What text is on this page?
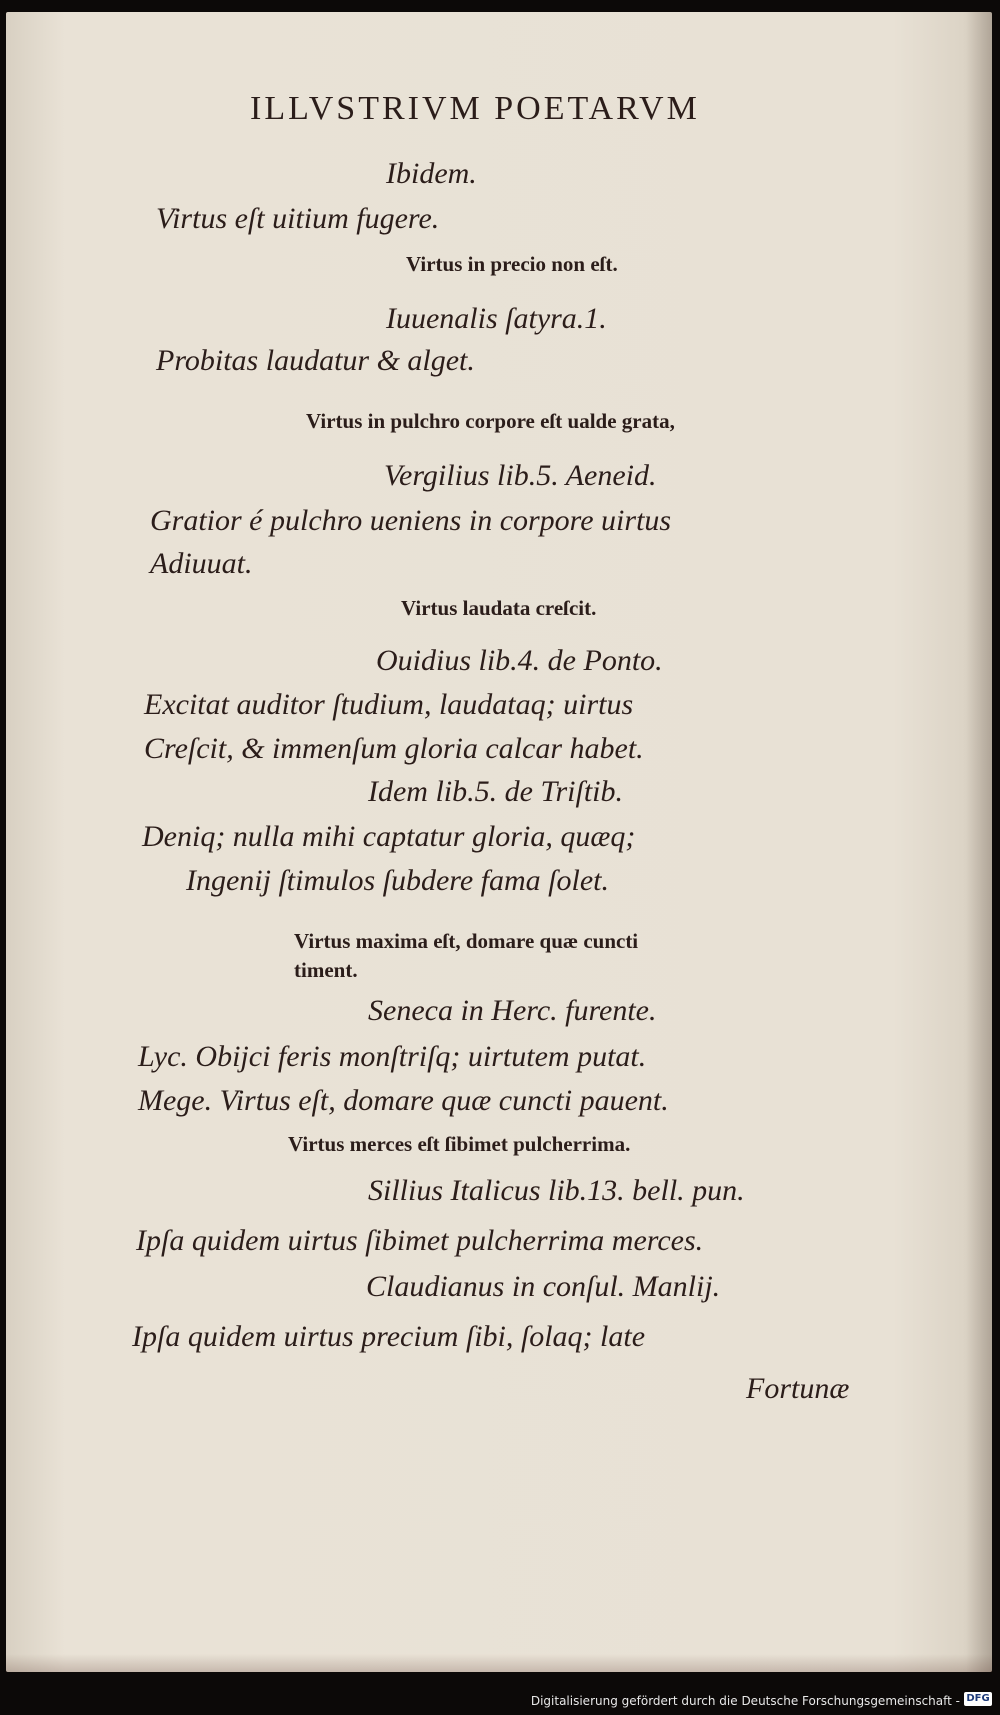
ILLVSTRIVM POETARVM
Ibidem.
Virtus eſt uitium fugere.
Virtus in precio non eſt.
Iuuenalis ſatyra.1.
Probitas laudatur & alget.
Virtus in pulchro corpore eſt ualde grata,
Vergilius lib.5. Aeneid.
Gratior é pulchro ueniens in corpore uirtus
Adiuuat.
Virtus laudata creſcit.
Ouidius lib.4. de Ponto.
Excitat auditor ſtudium, laudataq; uirtus
Creſcit, & immenſum gloria calcar habet.
Idem lib.5. de Triſtib.
Deniq; nulla mihi captatur gloria, quæq;
Ingenij ſtimulos ſubdere fama ſolet.
Virtus maxima eſt, domare quæ cuncti
timent.
Seneca in Herc. furente.
Lyc. Obijci feris monſtriſq; uirtutem putat.
Mege. Virtus eſt, domare quæ cuncti pauent.
Virtus merces eſt ſibimet pulcherrima.
Sillius Italicus lib.13. bell. pun.
Ipſa quidem uirtus ſibimet pulcherrima merces.
Claudianus in conſul. Manlij.
Ipſa quidem uirtus precium ſibi, ſolaq; late
Fortunæ
Digitalisierung gefördert durch die Deutsche Forschungsgemeinschaft - DFG
